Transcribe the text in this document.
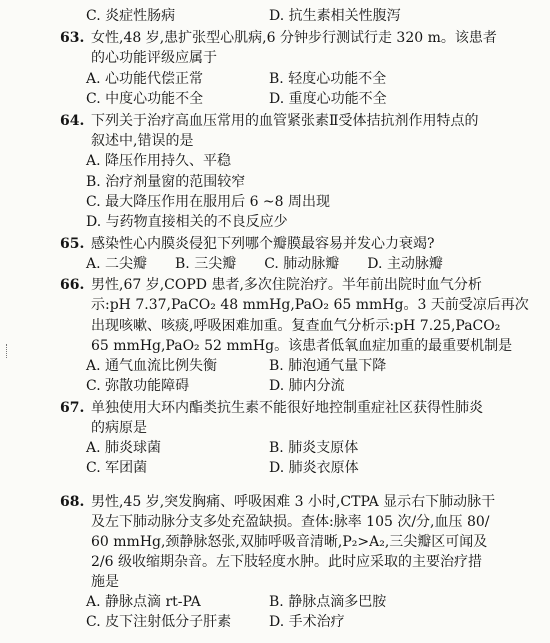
C. 炎症性肠病	D. 抗生素相关性腹泻
63. 女性,48 岁,患扩张型心肌病,6 分钟步行测试行走 320 m。该患者
的心功能评级应属于
A. 心功能代偿正常	B. 轻度心功能不全
C. 中度心功能不全	D. 重度心功能不全
64. 下列关于治疗高血压常用的血管紧张素Ⅱ受体拮抗剂作用特点的
叙述中,错误的是
A. 降压作用持久、平稳
B. 治疗剂量窗的范围较窄
C. 最大降压作用在服用后 6 ~8 周出现
D. 与药物直接相关的不良反应少
65. 感染性心内膜炎侵犯下列哪个瓣膜最容易并发心力衰竭?
A. 二尖瓣　　B. 三尖瓣　　C. 肺动脉瓣　　D. 主动脉瓣
66. 男性,67 岁,COPD 患者,多次住院治疗。半年前出院时血气分析
示:pH 7.37,PaCO₂ 48 mmHg,PaO₂ 65 mmHg。3 天前受凉后再次
出现咳嗽、咳痰,呼吸困难加重。复查血气分析示:pH 7.25,PaCO₂
65 mmHg,PaO₂ 52 mmHg。该患者低氧血症加重的最重要机制是
A. 通气血流比例失衡	B. 肺泡通气量下降
C. 弥散功能障碍	D. 肺内分流
67. 单独使用大环内酯类抗生素不能很好地控制重症社区获得性肺炎
的病原是
A. 肺炎球菌	B. 肺炎支原体
C. 军团菌	D. 肺炎衣原体
68. 男性,45 岁,突发胸痛、呼吸困难 3 小时,CTPA 显示右下肺动脉干
及左下肺动脉分支多处充盈缺损。查体:脉率 105 次/分,血压 80/
60 mmHg,颈静脉怒张,双肺呼吸音清晰,P₂>A₂,三尖瓣区可闻及
2/6 级收缩期杂音。左下肢轻度水肿。此时应采取的主要治疗措
施是
A. 静脉点滴 rt-PA	B. 静脉点滴多巴胺
C. 皮下注射低分子肝素	D. 手术治疗
